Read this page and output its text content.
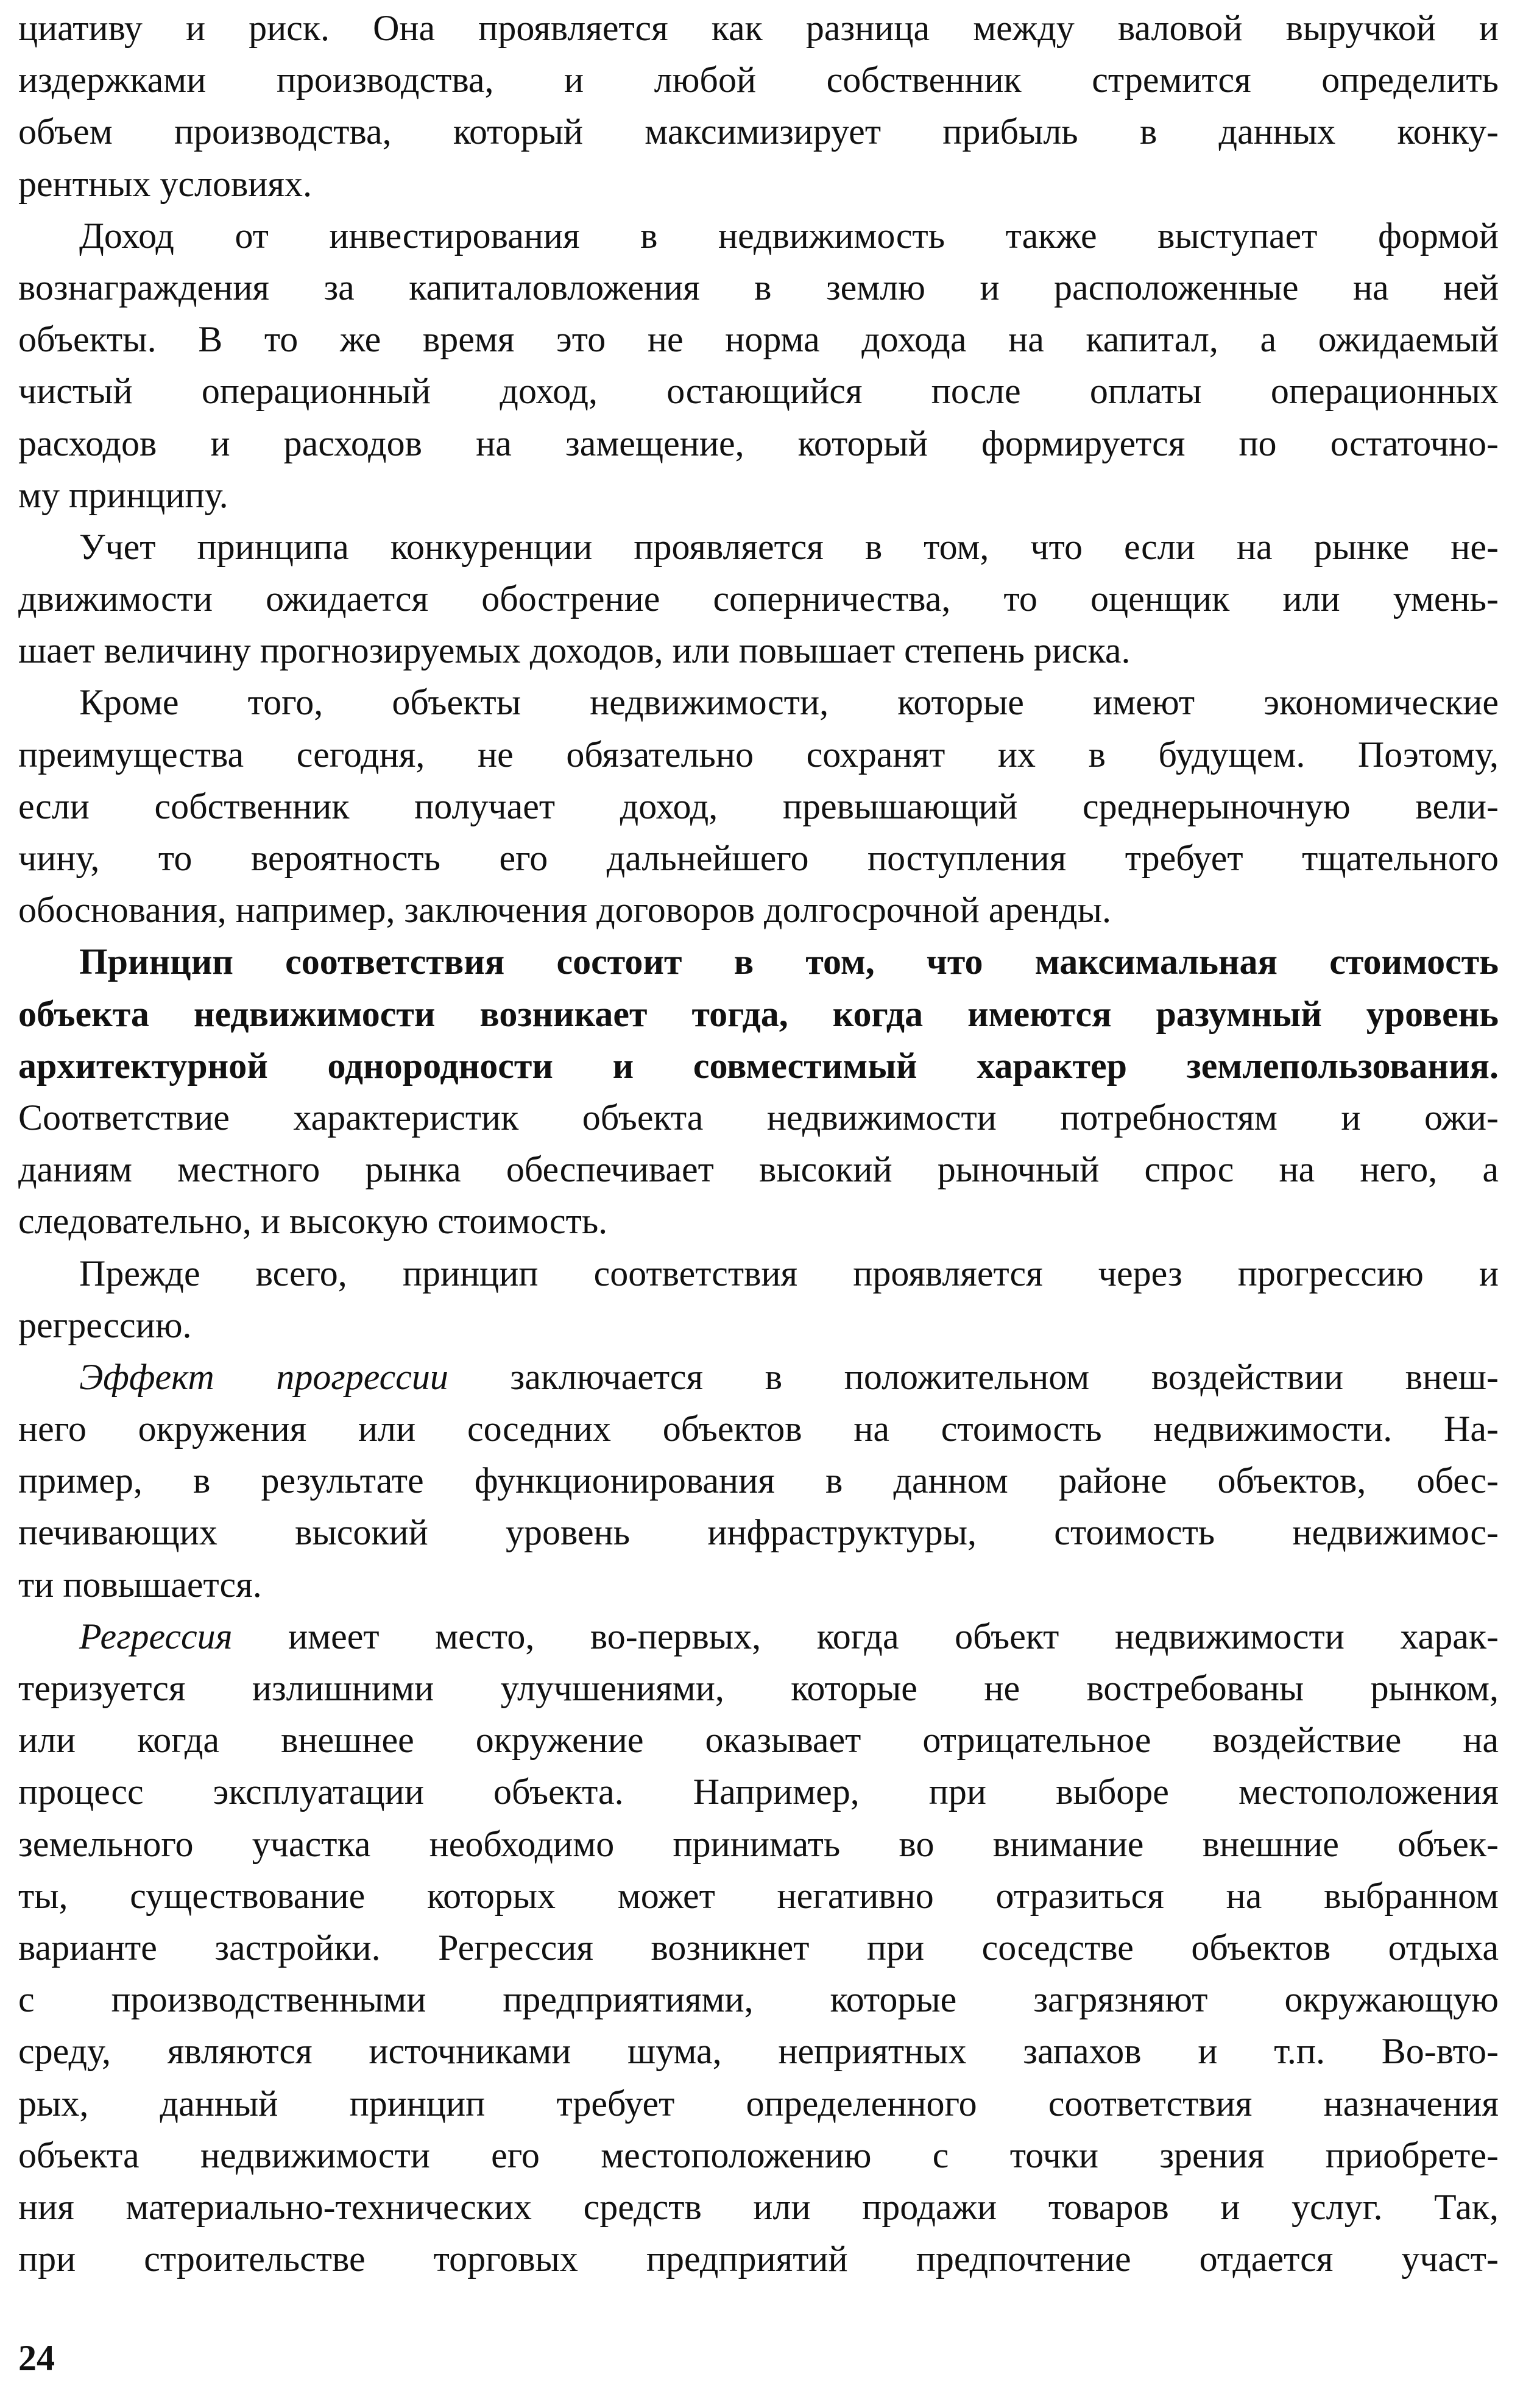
циативу и риск. Она проявляется как разница между валовой выручкой и
издержками производства, и любой собственник стремится определить
объем производства, который максимизирует прибыль в данных конку-
рентных условиях.
Доход от инвестирования в недвижимость также выступает формой
вознаграждения за капиталовложения в землю и расположенные на ней
объекты. В то же время это не норма дохода на капитал, а ожидаемый
чистый операционный доход, остающийся после оплаты операционных
расходов и расходов на замещение, который формируется по остаточно-
му принципу.
Учет принципа конкуренции проявляется в том, что если на рынке не-
движимости ожидается обострение соперничества, то оценщик или умень-
шает величину прогнозируемых доходов, или повышает степень риска.
Кроме того, объекты недвижимости, которые имеют экономические
преимущества сегодня, не обязательно сохранят их в будущем. Поэтому,
если собственник получает доход, превышающий среднерыночную вели-
чину, то вероятность его дальнейшего поступления требует тщательного
обоснования, например, заключения договоров долгосрочной аренды.
Принцип соответствия состоит в том, что максимальная стоимость
объекта недвижимости возникает тогда, когда имеются разумный уровень
архитектурной однородности и совместимый характер землепользования.
Соответствие характеристик объекта недвижимости потребностям и ожи-
даниям местного рынка обеспечивает высокий рыночный спрос на него, а
следовательно, и высокую стоимость.
Прежде всего, принцип соответствия проявляется через прогрессию и
регрессию.
Эффект прогрессии заключается в положительном воздействии внеш-
него окружения или соседних объектов на стоимость недвижимости. На-
пример, в результате функционирования в данном районе объектов, обес-
печивающих высокий уровень инфраструктуры, стоимость недвижимос-
ти повышается.
Регрессия имеет место, во-первых, когда объект недвижимости харак-
теризуется излишними улучшениями, которые не востребованы рынком,
или когда внешнее окружение оказывает отрицательное воздействие на
процесс эксплуатации объекта. Например, при выборе местоположения
земельного участка необходимо принимать во внимание внешние объек-
ты, существование которых может негативно отразиться на выбранном
варианте застройки. Регрессия возникнет при соседстве объектов отдыха
с производственными предприятиями, которые загрязняют окружающую
среду, являются источниками шума, неприятных запахов и т.п. Во-вто-
рых, данный принцип требует определенного соответствия назначения
объекта недвижимости его местоположению с точки зрения приобрете-
ния материально-технических средств или продажи товаров и услуг. Так,
при строительстве торговых предприятий предпочтение отдается участ-
24
